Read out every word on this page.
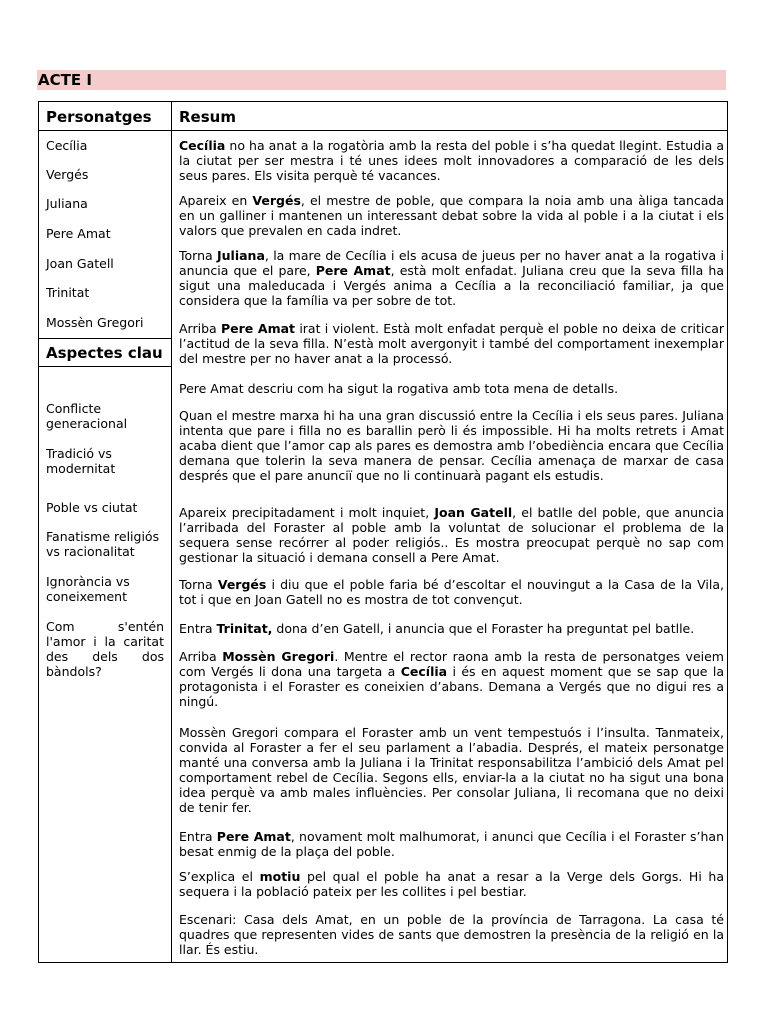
ACTE I
Personatges Resum
Cecília
Vergés
Juliana
Pere Amat
Joan Gatell
Trinitat
Mossèn Gregori
Aspectes clau
Conflicte generacional
Tradició vs modernitat
Poble vs ciutat
Fanatisme religiós vs racionalitat
Ignorància vs coneixement
Com s'entén l'amor i la caritat des dels dos bàndols?
Cecília no ha anat a la rogatòria amb la resta del poble i s’ha quedat llegint. Estudia a la ciutat per ser mestra i té unes idees molt innovadores a comparació de les dels seus pares. Els visita perquè té vacances.
Apareix en Vergés, el mestre de poble, que compara la noia amb una àliga tancada en un galliner i mantenen un interessant debat sobre la vida al poble i a la ciutat i els valors que prevalen en cada indret.
Torna Juliana, la mare de Cecília i els acusa de jueus per no haver anat a la rogativa i anuncia que el pare, Pere Amat, està molt enfadat. Juliana creu que la seva filla ha sigut una maleducada i Vergés anima a Cecília a la reconciliació familiar, ja que considera que la família va per sobre de tot.
Arriba Pere Amat irat i violent. Està molt enfadat perquè el poble no deixa de criticar l’actitud de la seva filla. N’està molt avergonyit i també del comportament inexemplar del mestre per no haver anat a la processó.
Pere Amat descriu com ha sigut la rogativa amb tota mena de detalls.
Quan el mestre marxa hi ha una gran discussió entre la Cecília i els seus pares. Juliana intenta que pare i filla no es barallin però li és impossible. Hi ha molts retrets i Amat acaba dient que l’amor cap als pares es demostra amb l’obediència encara que Cecília demana que tolerin la seva manera de pensar. Cecília amenaça de marxar de casa després que el pare anunciï que no li continuarà pagant els estudis.
Apareix precipitadament i molt inquiet, Joan Gatell, el batlle del poble, que anuncia l’arribada del Foraster al poble amb la voluntat de solucionar el problema de la sequera sense recórrer al poder religiós.. Es mostra preocupat perquè no sap com gestionar la situació i demana consell a Pere Amat.
Torna Vergés i diu que el poble faria bé d’escoltar el nouvingut a la Casa de la Vila, tot i que en Joan Gatell no es mostra de tot convençut.
Entra Trinitat, dona d’en Gatell, i anuncia que el Foraster ha preguntat pel batlle.
Arriba Mossèn Gregori. Mentre el rector raona amb la resta de personatges veiem com Vergés li dona una targeta a Cecília i és en aquest moment que se sap que la protagonista i el Foraster es coneixien d’abans. Demana a Vergés que no digui res a ningú.
Mossèn Gregori compara el Foraster amb un vent tempestuós i l’insulta. Tanmateix, convida al Foraster a fer el seu parlament a l’abadia. Després, el mateix personatge manté una conversa amb la Juliana i la Trinitat responsabilitza l’ambició dels Amat pel comportament rebel de Cecília. Segons ells, enviar-la a la ciutat no ha sigut una bona idea perquè va amb males influències. Per consolar Juliana, li recomana que no deixi de tenir fer.
Entra Pere Amat, novament molt malhumorat, i anunci que Cecília i el Foraster s’han besat enmig de la plaça del poble.
S’explica el motiu pel qual el poble ha anat a resar a la Verge dels Gorgs. Hi ha sequera i la població pateix per les collites i pel bestiar.
Escenari: Casa dels Amat, en un poble de la província de Tarragona. La casa té quadres que representen vides de sants que demostren la presència de la religió en la llar. És estiu.
